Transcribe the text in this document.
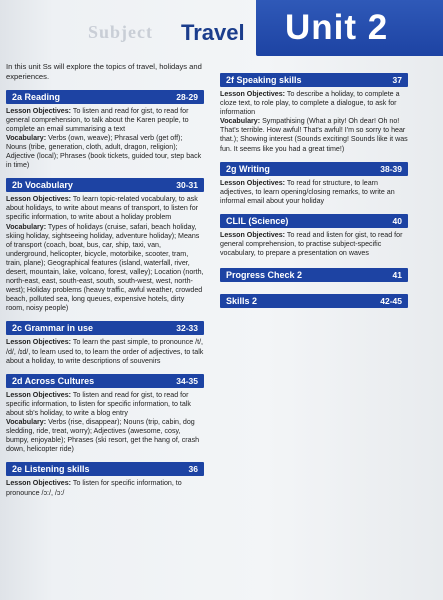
Subject Travel Unit 2

In this unit Ss will explore the topics of travel, holidays and experiences.

2a Reading	28-29

Lesson Objectives: To listen and read for gist, to read for general comprehension, to talk about the Karen people, to complete an email summarising a text

Vocabulary: Verbs (own, weave); Phrasal verb (get off); Nouns (tribe, generation, cloth, adult, dragon, religion); Adjective (local); Phrases (book tickets, guided tour, step back in time)

2b Vocabulary	30-31

Lesson Objectives: To learn topic-related vocabulary, to ask about holidays, to write about means of transport, to listen for specific information, to write about a holiday problem

Vocabulary: Types of holidays (cruise, safari, beach holiday, skiing holiday, sightseeing holiday, adventure holiday); Means of transport (coach, boat, bus, car, ship, taxi, van, underground, helicopter, bicycle, motorbike, scooter, tram, train, plane); Geographical features (island, waterfall, river, desert, mountain, lake, volcano, forest, valley); Location (north, north-east, east, south-east, south, south-west, west, north-west); Holiday problems (heavy traffic, awful weather, crowded beach, polluted sea, long queues, expensive hotels, dirty room, noisy people)

2c Grammar in use	32-33

Lesson Objectives: To learn the past simple, to pronounce /t/, /d/, /ɪd/, to learn used to, to learn the order of adjectives, to talk about a holiday, to write descriptions of souvenirs

2d Across Cultures	34-35

Lesson Objectives: To listen and read for gist, to read for specific information, to listen for specific information, to talk about sb's holiday, to write a blog entry

Vocabulary: Verbs (rise, disappear); Nouns (trip, cabin, dog sledding, ride, treat, worry); Adjectives (awesome, cosy, bumpy, enjoyable); Phrases (ski resort, get the hang of, crash down, helicopter ride)

2e Listening skills	36

Lesson Objectives: To listen for specific information, to pronounce /ɔ:/, /ɔ:/

2f Speaking skills	37

Lesson Objectives: To describe a holiday, to complete a cloze text, to role play, to complete a dialogue, to ask for information

Vocabulary: Sympathising (What a pity! Oh dear! Oh no! That's terrible. How awful! That's awful! I'm so sorry to hear that.); Showing interest (Sounds exciting! Sounds like it was fun. It seems like you had a great time!)

2g Writing	38-39

Lesson Objectives: To read for structure, to learn adjectives, to learn opening/closing remarks, to write an informal email about your holiday

CLIL (Science)	40

Lesson Objectives: To read and listen for gist, to read for general comprehension, to practise subject-specific vocabulary, to prepare a presentation on waves

Progress Check 2	41
Skills 2	42-45
